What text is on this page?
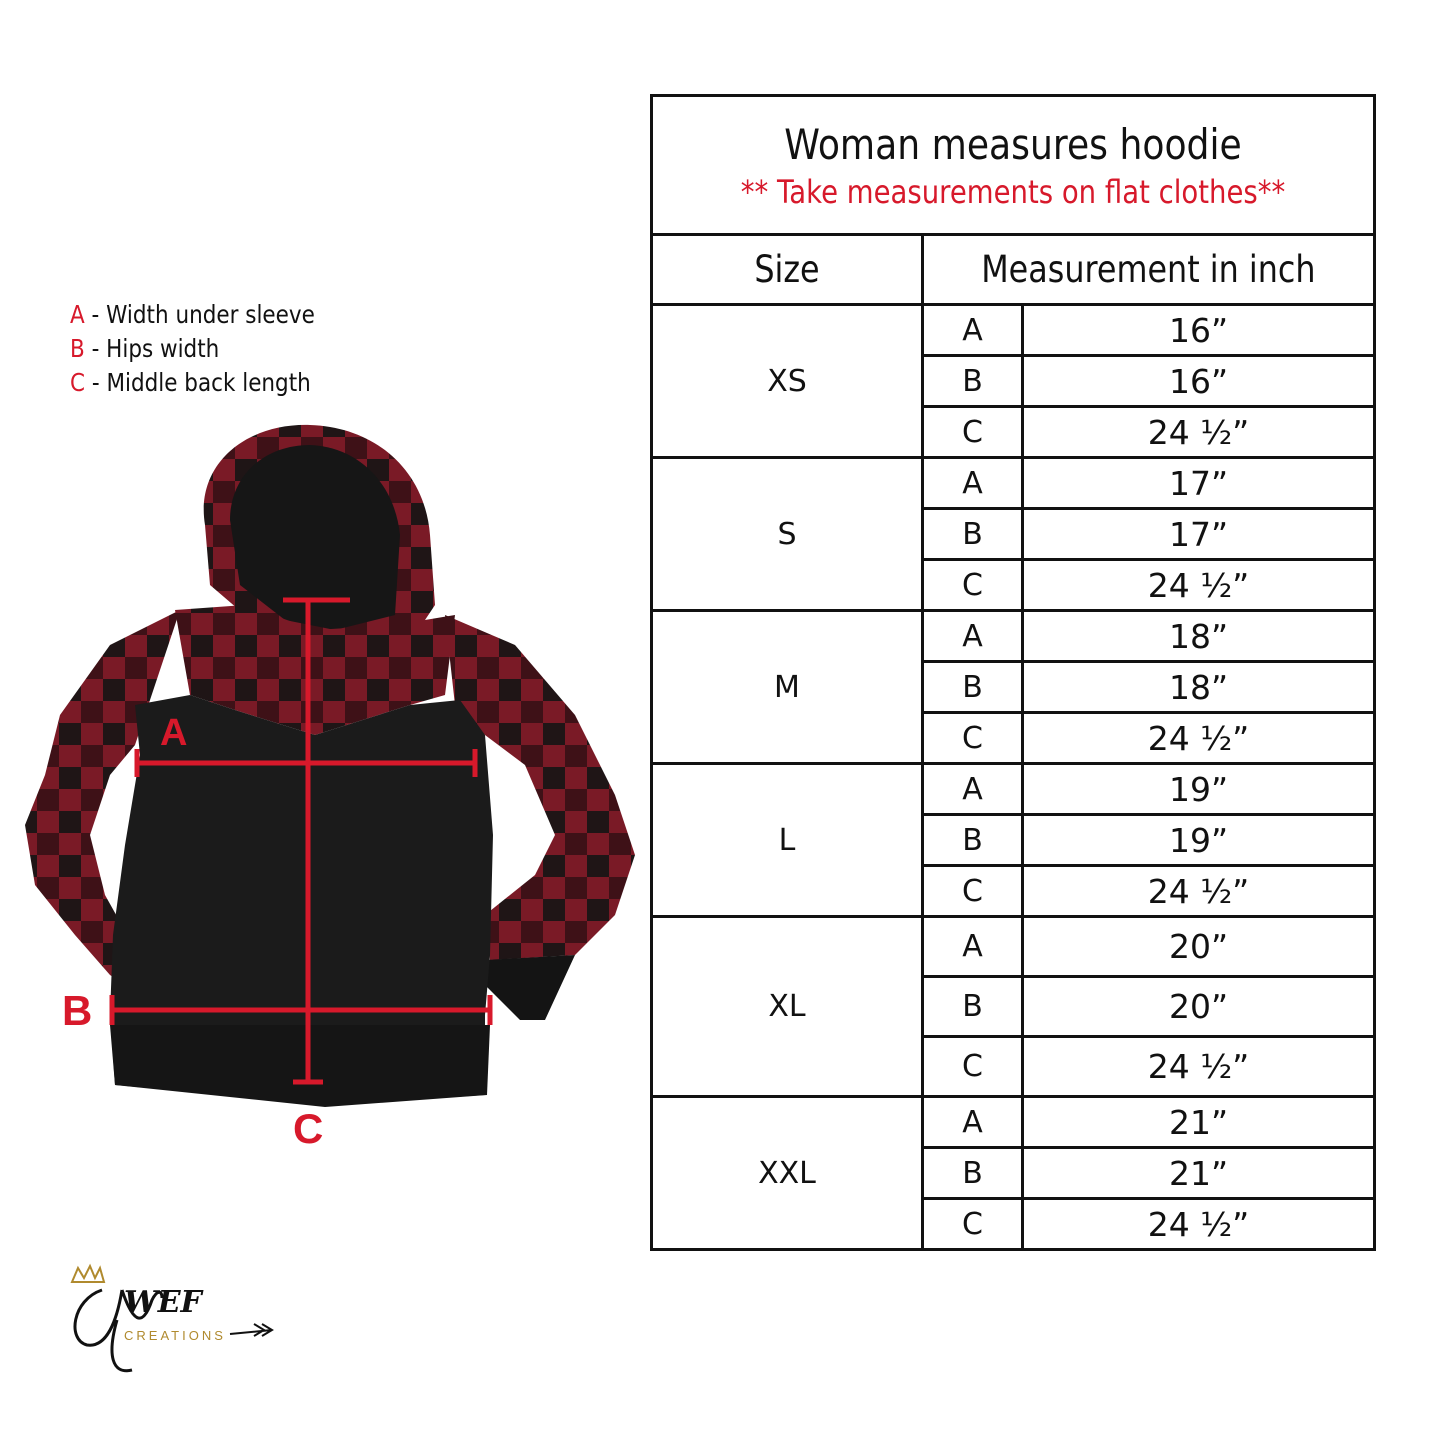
A - Width under sleeve
B - Hips width
C - Middle back length
A
B
C
WEF
CREATIONS
Woman measures hoodie
** Take measurements on flat clothes**		

Size	Measurement in inch	
XS	A	16”
	B	16”
	C	24 ½”
S	A	17”
	B	17”
	C	24 ½”
M	A	18”
	B	18”
	C	24 ½”
L	A	19”
	B	19”
	C	24 ½”
XL	A	20”
	B	20”
	C	24 ½”
XXL	A	21”
	B	21”
	C	24 ½”
